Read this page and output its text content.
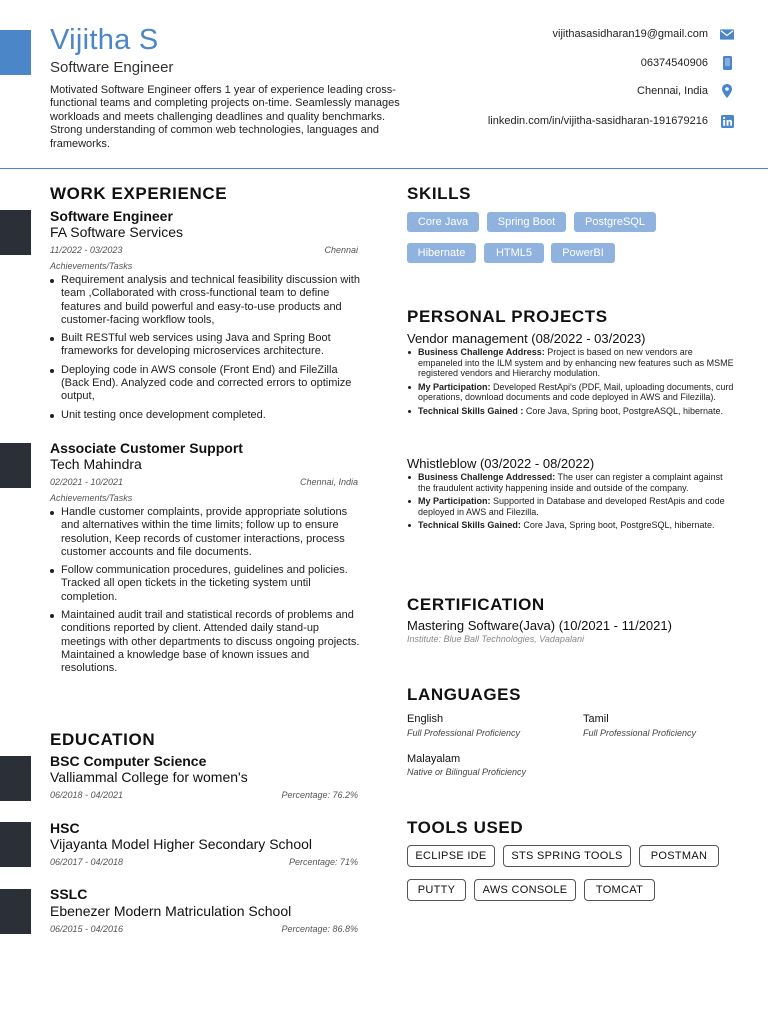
Vijitha S
Software Engineer
Motivated Software Engineer offers 1 year of experience leading cross-functional teams and completing projects on-time. Seamlessly manages workloads and meets challenging deadlines and quality benchmarks. Strong understanding of common web technologies, languages and frameworks.
vijithasasidharan19@gmail.com
06374540906
Chennai, India
linkedin.com/in/vijitha-sasidharan-191679216
WORK EXPERIENCE
Software Engineer
FA Software Services
11/2022 - 03/2023	Chennai
Achievements/Tasks
Requirement analysis and technical feasibility discussion with team ,Collaborated with cross-functional team to define features and build powerful and easy-to-use products and customer-facing workflow tools,
Built RESTful web services using Java and Spring Boot frameworks for developing microservices architecture.
Deploying code in AWS console (Front End) and FileZilla (Back End). Analyzed code and corrected errors to optimize output,
Unit testing once development completed.
Associate Customer Support
Tech Mahindra
02/2021 - 10/2021	Chennai, India
Achievements/Tasks
Handle customer complaints, provide appropriate solutions and alternatives within the time limits; follow up to ensure resolution, Keep records of customer interactions, process customer accounts and file documents.
Follow communication procedures, guidelines and policies. Tracked all open tickets in the ticketing system until completion.
Maintained audit trail and statistical records of problems and conditions reported by client. Attended daily stand-up meetings with other departments to discuss ongoing projects. Maintained a knowledge base of known issues and resolutions.
EDUCATION
BSC Computer Science
Valliammal College for women's
06/2018 - 04/2021	Percentage: 76.2%
HSC
Vijayanta Model Higher Secondary School
06/2017 - 04/2018	Percentage: 71%
SSLC
Ebenezer Modern Matriculation School
06/2015 - 04/2016	Percentage: 86.8%
SKILLS
Core Java	Spring Boot	PostgreSQL
Hibernate	HTML5	PowerBI
PERSONAL PROJECTS
Vendor management (08/2022 - 03/2023)
Business Challenge Address: Project is based on new vendors are empaneled into the ILM system and by enhancing new features such as MSME registered vendors and Hierarchy modulation.
My Participation: Developed RestApi's (PDF, Mail, uploading documents, curd operations, download documents and code deployed in AWS and Filezilla).
Technical Skills Gained : Core Java, Spring boot, PostgreASQL, hibernate.
Whistleblow (03/2022 - 08/2022)
Business Challenge Addressed: The user can register a complaint against the fraudulent activity happening inside and outside of the company.
My Participation: Supported in Database and developed RestApis and code deployed in AWS and Filezilla.
Technical Skills Gained: Core Java, Spring boot, PostgreSQL, hibernate.
CERTIFICATION
Mastering Software(Java) (10/2021 - 11/2021)
Institute: Blue Ball Technologies, Vadapalani
LANGUAGES
English
Full Professional Proficiency
Tamil
Full Professional Proficiency
Malayalam
Native or Bilingual Proficiency
TOOLS USED
ECLIPSE IDE	STS SPRING TOOLS	POSTMAN
PUTTY	AWS CONSOLE	TOMCAT
